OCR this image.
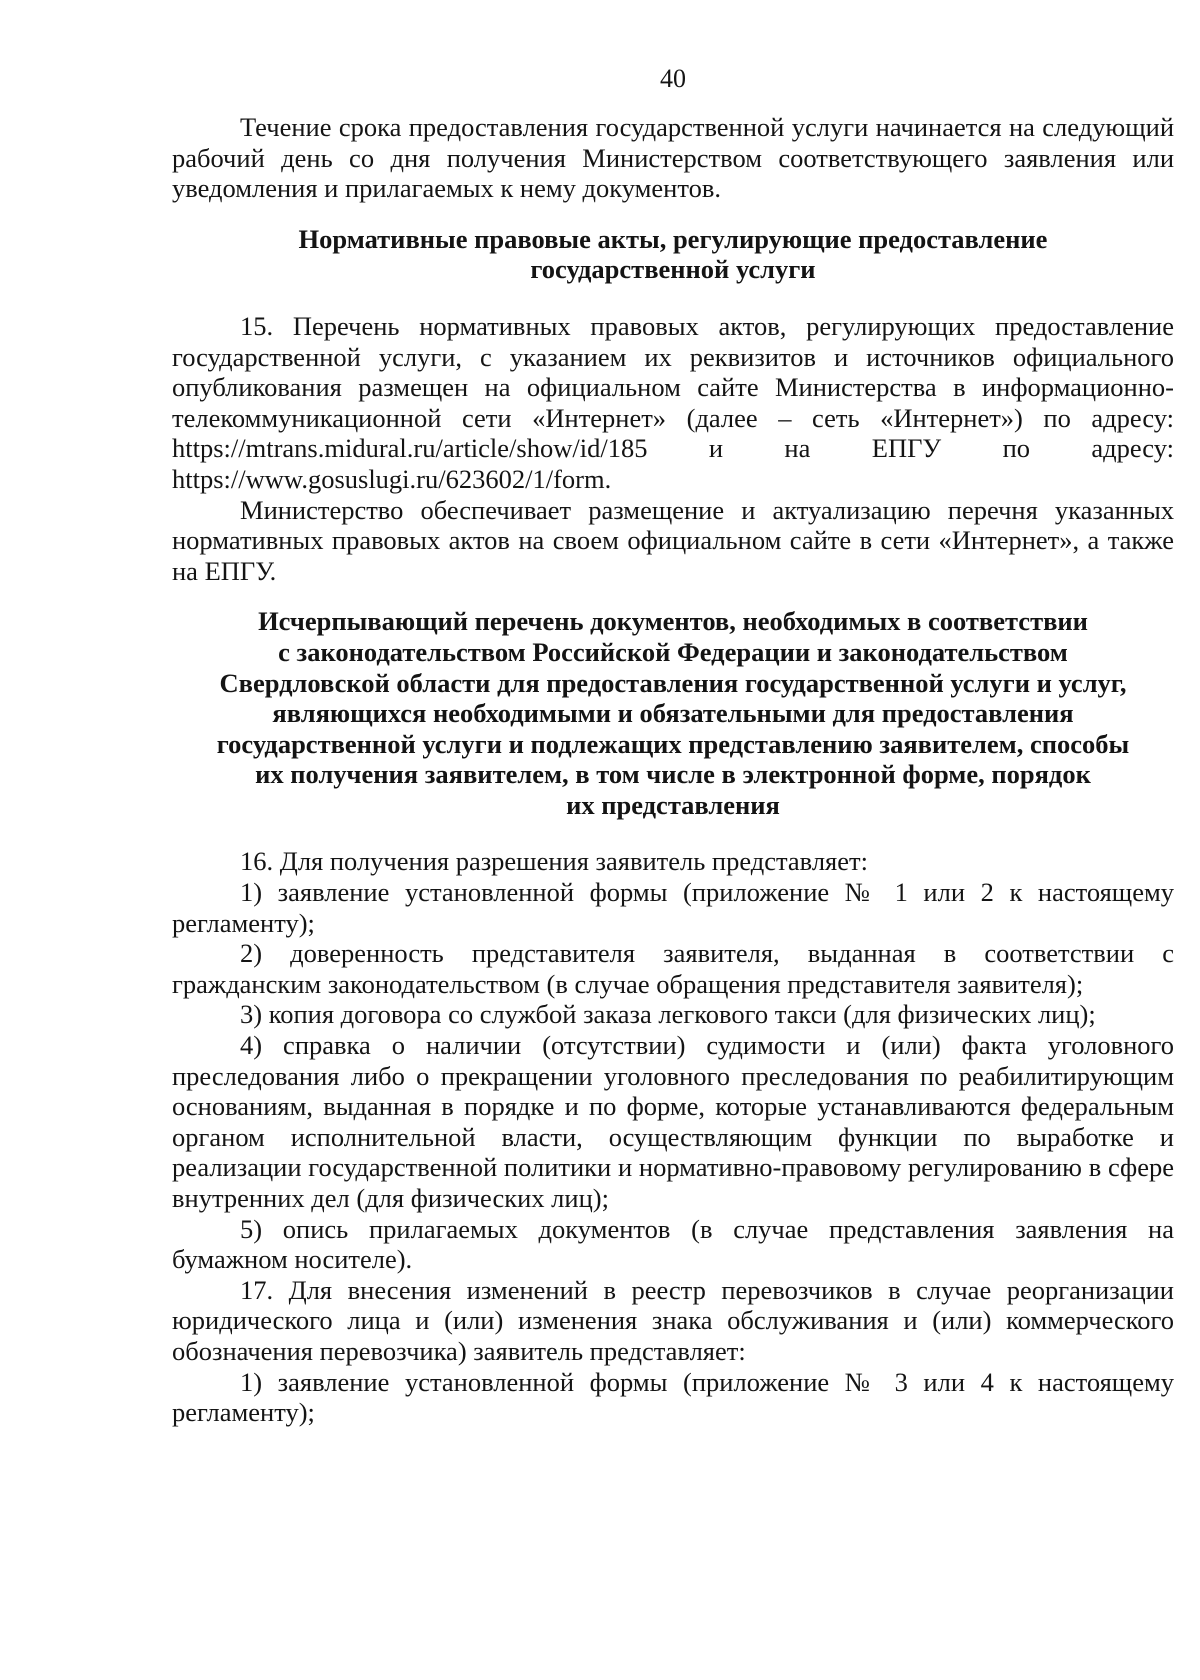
40

Течение срока предоставления государственной услуги начинается на следующий рабочий день со дня получения Министерством соответствующего заявления или уведомления и прилагаемых к нему документов.

Нормативные правовые акты, регулирующие предоставление
государственной услуги

15. Перечень нормативных правовых актов, регулирующих предоставление государственной услуги, с указанием их реквизитов и источников официального опубликования размещен на официальном сайте Министерства в информационно-телекоммуникационной сети «Интернет» (далее – сеть «Интернет») по адресу: https://mtrans.midural.ru/article/show/id/185 и на ЕПГУ по адресу: https://www.gosuslugi.ru/623602/1/form.

Министерство обеспечивает размещение и актуализацию перечня указанных нормативных правовых актов на своем официальном сайте в сети «Интернет», а также на ЕПГУ.

Исчерпывающий перечень документов, необходимых в соответствии
с законодательством Российской Федерации и законодательством
Свердловской области для предоставления государственной услуги и услуг,
являющихся необходимыми и обязательными для предоставления
государственной услуги и подлежащих представлению заявителем, способы
их получения заявителем, в том числе в электронной форме, порядок
их представления

16. Для получения разрешения заявитель представляет:

1) заявление установленной формы (приложение № 1 или 2 к настоящему регламенту);

2) доверенность представителя заявителя, выданная в соответствии с гражданским законодательством (в случае обращения представителя заявителя);

3) копия договора со службой заказа легкового такси (для физических лиц);

4) справка о наличии (отсутствии) судимости и (или) факта уголовного преследования либо о прекращении уголовного преследования по реабилитирующим основаниям, выданная в порядке и по форме, которые устанавливаются федеральным органом исполнительной власти, осуществляющим функции по выработке и реализации государственной политики и нормативно-правовому регулированию в сфере внутренних дел (для физических лиц);

5) опись прилагаемых документов (в случае представления заявления на бумажном носителе).

17. Для внесения изменений в реестр перевозчиков в случае реорганизации юридического лица и (или) изменения знака обслуживания и (или) коммерческого обозначения перевозчика) заявитель представляет:

1) заявление установленной формы (приложение № 3 или 4 к настоящему регламенту);
